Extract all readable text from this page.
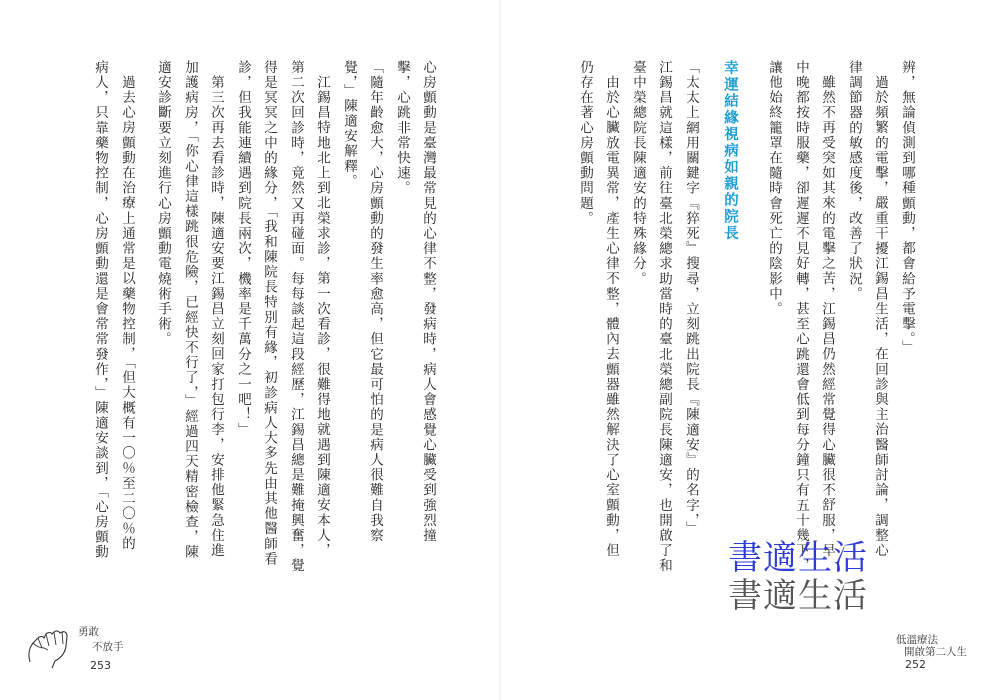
心房顫動是臺灣最常見的心律不整，發病時，病人會感覺心臟受到強烈撞
擊，心跳非常快速。
「隨年齡愈大，心房顫動的發生率愈高，但它最可怕的是病人很難自我察
覺，」陳適安解釋。
江錫昌特地北上到北榮求診，第一次看診，很難得地就遇到陳適安本人，
第二次回診時，竟然又再碰面。每每談起這段經歷，江錫昌總是難掩興奮，覺
得是冥冥之中的緣分，「我和陳院長特別有緣，初診病人大多先由其他醫師看
診，但我能連續遇到院長兩次，機率是千萬分之一吧！」
第三次再去看診時，陳適安要江錫昌立刻回家打包行李，安排他緊急住進
加護病房，「你心律這樣跳很危險，已經快不行了，」經過四天精密檢查，陳
適安診斷要立刻進行心房顫動電燒術手術。
過去心房顫動在治療上通常是以藥物控制，「但大概有一〇％至二〇％的
病人，只靠藥物控制，心房顫動還是會常常發作，」陳適安談到，「心房顫動
勇敢
不放手
253
辨，無論偵測到哪種顫動，都會給予電擊。」
過於頻繁的電擊，嚴重干擾江錫昌生活，在回診與主治醫師討論，調整心
律調節器的敏感度後，改善了狀況。
雖然不再受突如其來的電擊之苦，江錫昌仍然經常覺得心臟很不舒服，早
中晚都按時服藥，卻遲遲不見好轉，甚至心跳還會低到每分鐘只有五十幾下，
讓他始終籠罩在隨時會死亡的陰影中。
幸運結緣視病如親的院長
「太太上網用關鍵字『猝死』搜尋，立刻跳出院長『陳適安』的名字，」
江錫昌就這樣，前往臺北榮總求助當時的臺北榮總副院長陳適安，也開啟了和
臺中榮總院長陳適安的特殊緣分。
由於心臟放電異常，產生心律不整，體內去顫器雖然解決了心室顫動，但
仍存在著心房顫動問題。
書適生活
書適生活
低溫療法
開啟第二人生
252
